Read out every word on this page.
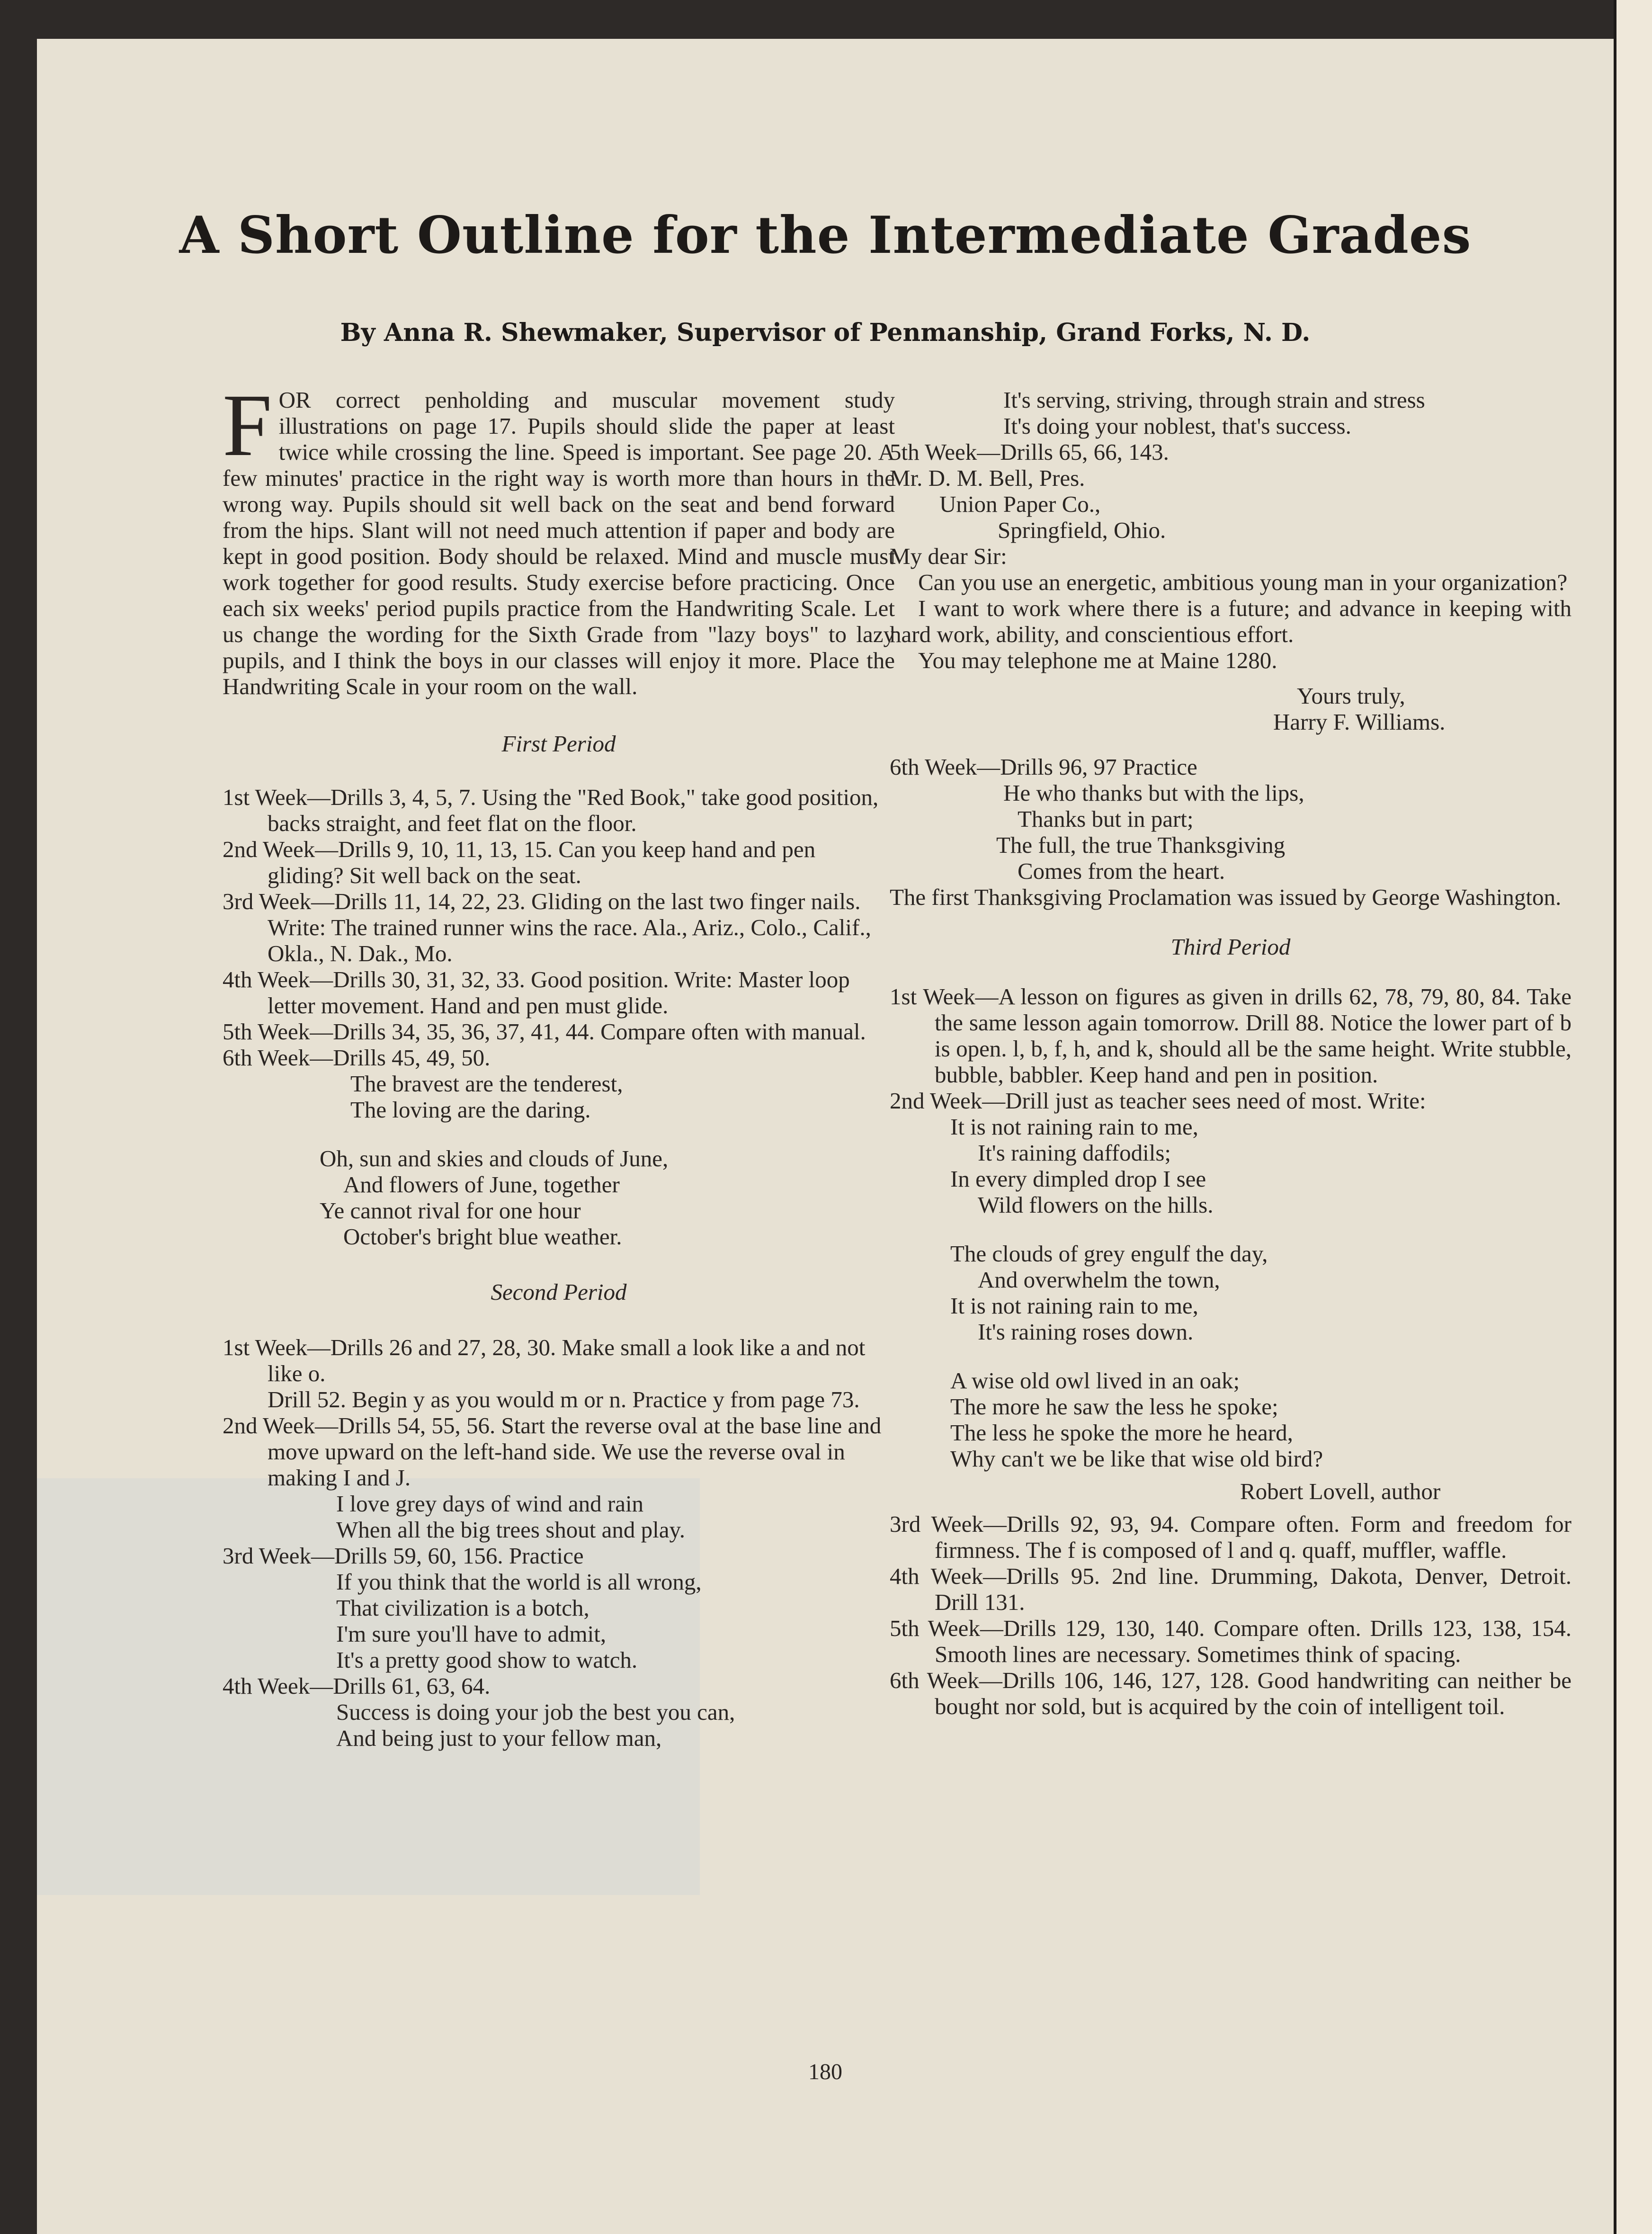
A Short Outline for the Intermediate Grades
By Anna R. Shewmaker, Supervisor of Penmanship, Grand Forks, N. D.

FOR correct penholding and muscular movement study illustrations on page 17. Pupils should slide the paper at least twice while crossing the line. Speed is important. See page 20. A few minutes' practice in the right way is worth more than hours in the wrong way. Pupils should sit well back on the seat and bend forward from the hips. Slant will not need much attention if paper and body are kept in good position. Body should be relaxed. Mind and muscle must work together for good results. Study exercise before practicing. Once each six weeks' period pupils practice from the Handwriting Scale. Let us change the wording for the Sixth Grade from "lazy boys" to lazy pupils, and I think the boys in our classes will enjoy it more. Place the Handwriting Scale in your room on the wall.

First Period

1st Week—Drills 3, 4, 5, 7. Using the "Red Book," take good position, backs straight, and feet flat on the floor.

2nd Week—Drills 9, 10, 11, 13, 15. Can you keep hand and pen gliding? Sit well back on the seat.

3rd Week—Drills 11, 14, 22, 23. Gliding on the last two finger nails. Write: The trained runner wins the race. Ala., Ariz., Colo., Calif., Okla., N. Dak., Mo.

4th Week—Drills 30, 31, 32, 33. Good position. Write: Master loop letter movement. Hand and pen must glide.

5th Week—Drills 34, 35, 36, 37, 41, 44. Compare often with manual.

6th Week—Drills 45, 49, 50.

The bravest are the tenderest,

The loving are the daring.

Oh, sun and skies and clouds of June,

And flowers of June, together

Ye cannot rival for one hour

October's bright blue weather.

Second Period

1st Week—Drills 26 and 27, 28, 30. Make small a look like a and not like o.

Drill 52. Begin y as you would m or n. Practice y from page 73.

2nd Week—Drills 54, 55, 56. Start the reverse oval at the base line and move upward on the left-hand side. We use the reverse oval in making I and J.

I love grey days of wind and rain

When all the big trees shout and play.

3rd Week—Drills 59, 60, 156. Practice

If you think that the world is all wrong,

That civilization is a botch,

I'm sure you'll have to admit,

It's a pretty good show to watch.

4th Week—Drills 61, 63, 64.

Success is doing your job the best you can,

And being just to your fellow man,

It's serving, striving, through strain and stress

It's doing your noblest, that's success.

5th Week—Drills 65, 66, 143.

Mr. D. M. Bell, Pres.

Union Paper Co.,

Springfield, Ohio.

My dear Sir:

Can you use an energetic, ambitious young man in your organization?

I want to work where there is a future; and advance in keeping with hard work, ability, and conscientious effort.

You may telephone me at Maine 1280.

Yours truly,

Harry F. Williams.

6th Week—Drills 96, 97 Practice

He who thanks but with the lips,

Thanks but in part;

The full, the true Thanksgiving

Comes from the heart.

The first Thanksgiving Proclamation was issued by George Washington.

Third Period

1st Week—A lesson on figures as given in drills 62, 78, 79, 80, 84. Take the same lesson again tomorrow. Drill 88. Notice the lower part of b is open. l, b, f, h, and k, should all be the same height. Write stubble, bubble, babbler. Keep hand and pen in position.

2nd Week—Drill just as teacher sees need of most. Write:

It is not raining rain to me,

It's raining daffodils;

In every dimpled drop I see

Wild flowers on the hills.

The clouds of grey engulf the day,

And overwhelm the town,

It is not raining rain to me,

It's raining roses down.

A wise old owl lived in an oak;

The more he saw the less he spoke;

The less he spoke the more he heard,

Why can't we be like that wise old bird?

Robert Lovell, author

3rd Week—Drills 92, 93, 94. Compare often. Form and freedom for firmness. The f is composed of l and q. quaff, muffler, waffle.

4th Week—Drills 95. 2nd line. Drumming, Dakota, Denver, Detroit. Drill 131.

5th Week—Drills 129, 130, 140. Compare often. Drills 123, 138, 154. Smooth lines are necessary. Sometimes think of spacing.

6th Week—Drills 106, 146, 127, 128. Good handwriting can neither be bought nor sold, but is acquired by the coin of intelligent toil.

180
